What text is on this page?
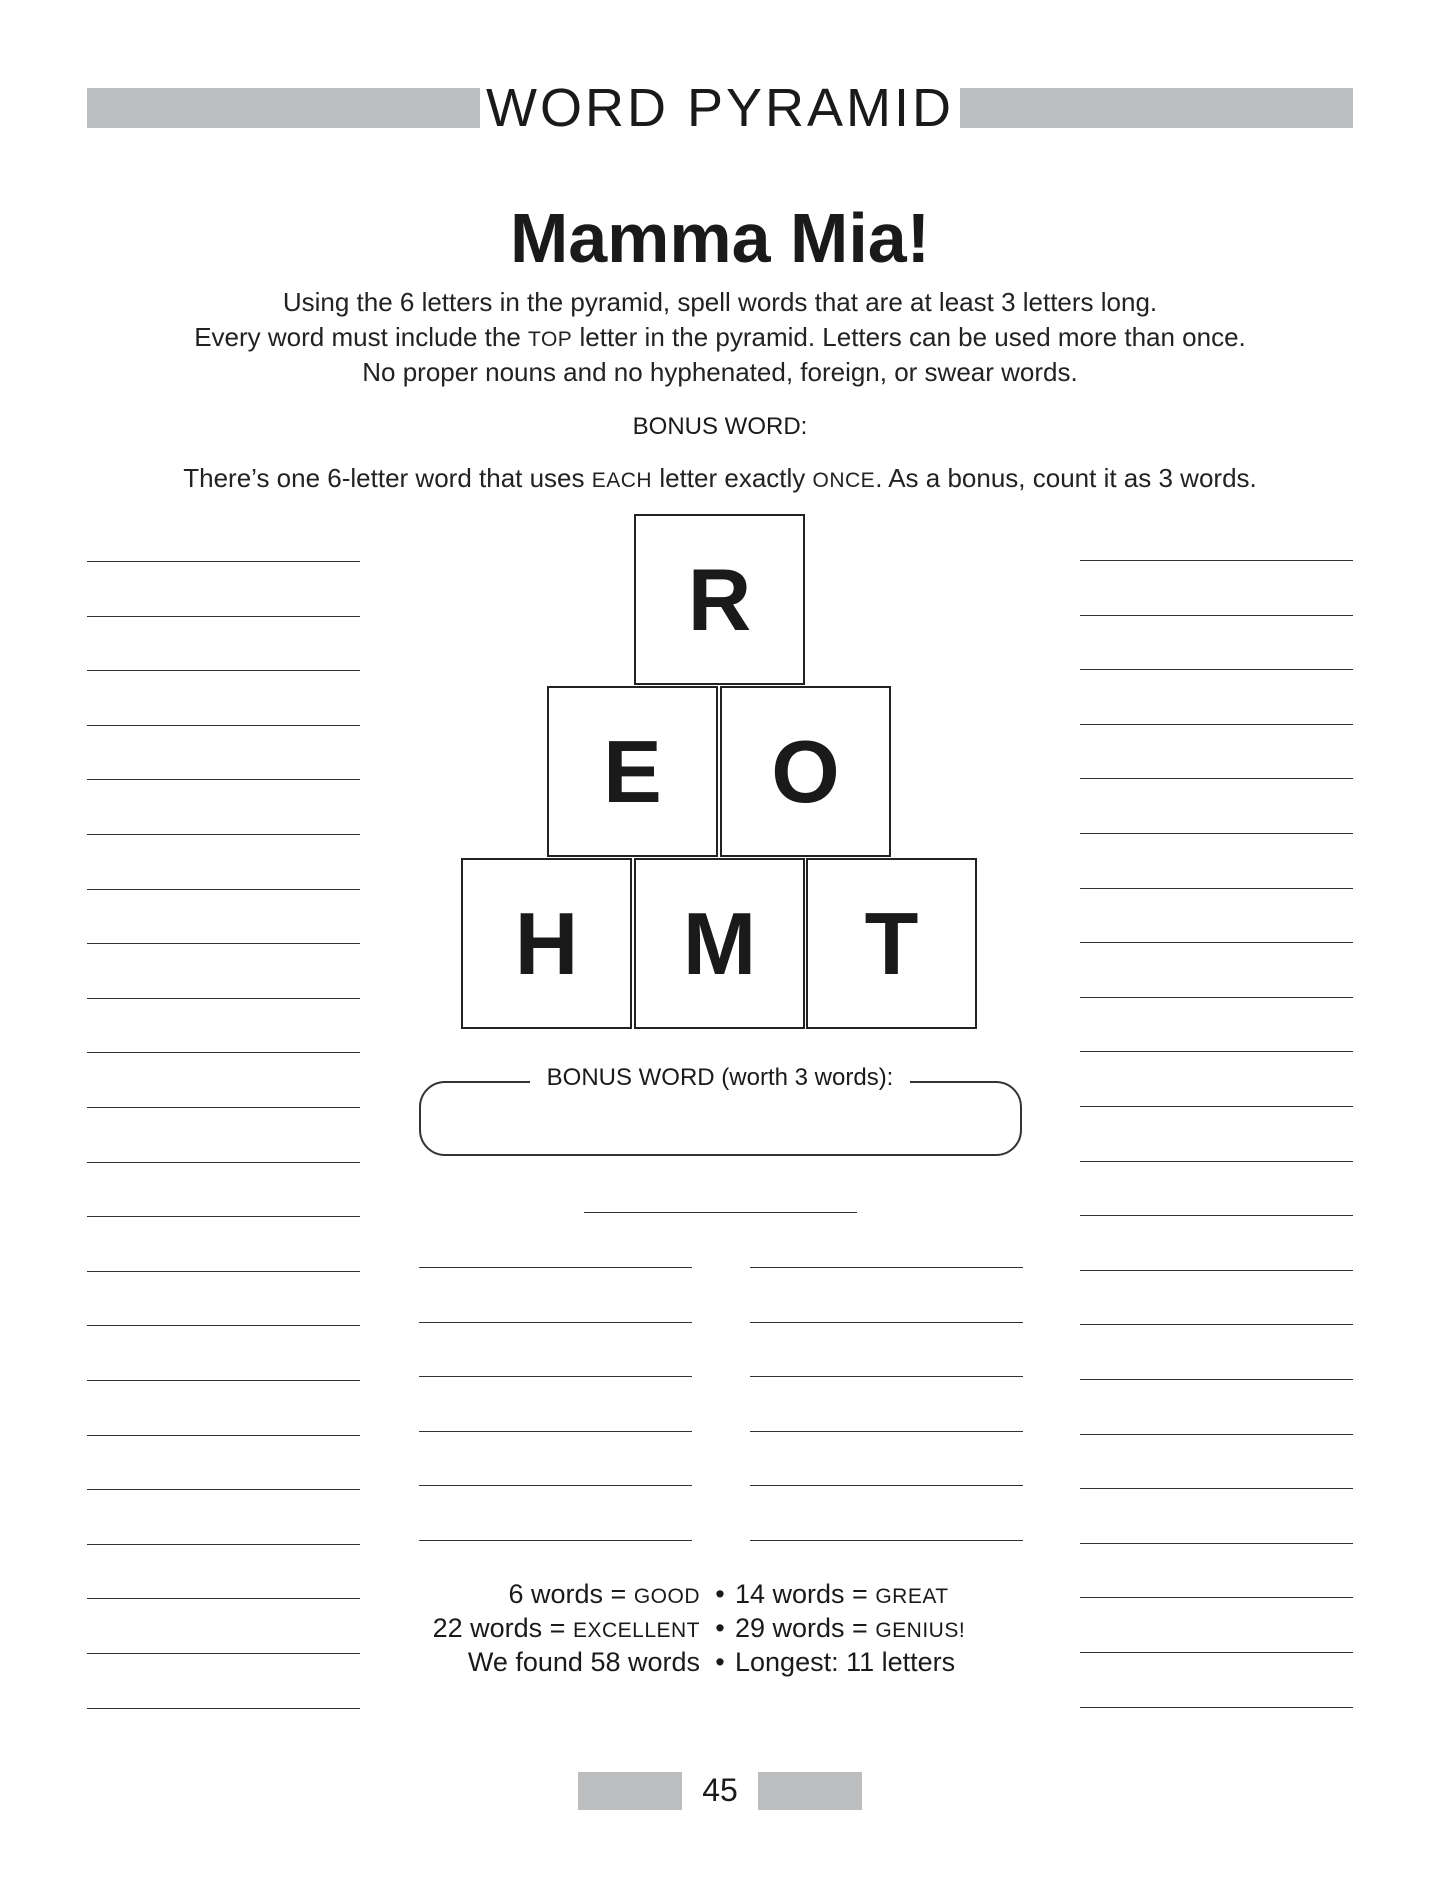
WORD PYRAMID
Mamma Mia!
Using the 6 letters in the pyramid, spell words that are at least 3 letters long.
Every word must include the TOP letter in the pyramid. Letters can be used more than once.
No proper nouns and no hyphenated, foreign, or swear words.
BONUS WORD:
There’s one 6-letter word that uses EACH letter exactly ONCE. As a bonus, count it as 3 words.
R
E	O
H	M	T
BONUS WORD (worth 3 words):
6 words = GOOD • 14 words = GREAT
22 words = EXCELLENT • 29 words = GENIUS!
We found 58 words • Longest: 11 letters
45
